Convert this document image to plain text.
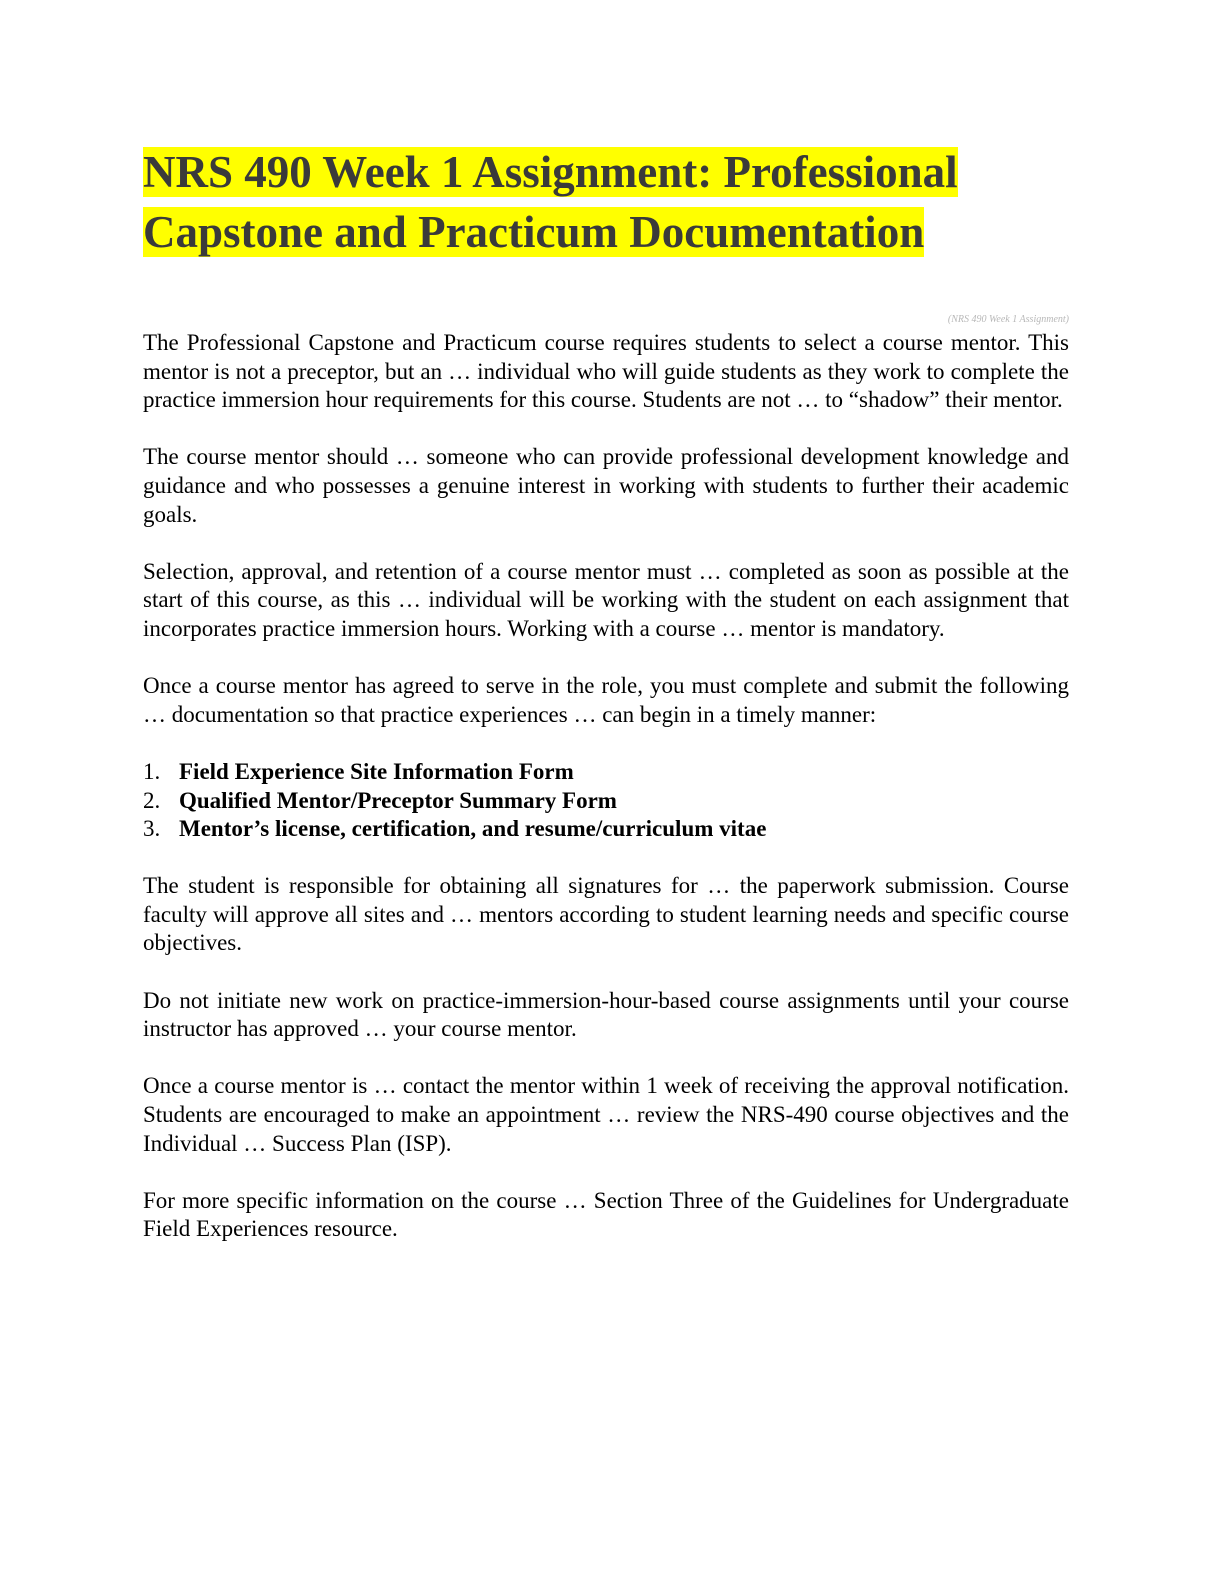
NRS 490 Week 1 Assignment: Professional Capstone and Practicum Documentation
(NRS 490 Week 1 Assignment)

The Professional Capstone and Practicum course requires students to select a course mentor. This mentor is not a preceptor, but an … individual who will guide students as they work to complete the practice immersion hour requirements for this course. Students are not … to “shadow” their mentor.

The course mentor should … someone who can provide professional development knowledge and guidance and who possesses a genuine interest in working with students to further their academic goals.

Selection, approval, and retention of a course mentor must … completed as soon as possible at the start of this course, as this … individual will be working with the student on each assignment that incorporates practice immersion hours. Working with a course … mentor is mandatory.

Once a course mentor has agreed to serve in the role, you must complete and submit the following … documentation so that practice experiences … can begin in a timely manner:

1. Field Experience Site Information Form
2. Qualified Mentor/Preceptor Summary Form
3. Mentor’s license, certification, and resume/curriculum vitae

The student is responsible for obtaining all signatures for … the paperwork submission. Course faculty will approve all sites and … mentors according to student learning needs and specific course objectives.

Do not initiate new work on practice-immersion-hour-based course assignments until your course instructor has approved … your course mentor.

Once a course mentor is … contact the mentor within 1 week of receiving the approval notification. Students are encouraged to make an appointment … review the NRS-490 course objectives and the Individual … Success Plan (ISP).

For more specific information on the course … Section Three of the Guidelines for Undergraduate Field Experiences resource.
